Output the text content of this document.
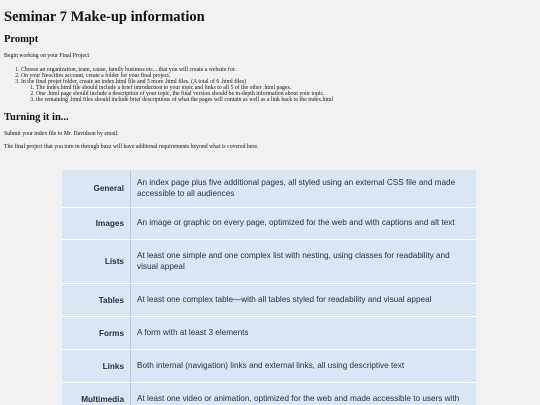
Seminar 7 Make-up information
Prompt

Begin working on your Final Project

1. Choose an organization, team, cause, family business etc... that you will create a website for.
2. On your Neocities account, create a folder for your final project.
3. In the final projet folder, create an index.html file and 5 more .html files. (A total of 6 .html files)
1. The index.html file should include a brief introduction to your topic and links to all 5 of the other .html pages.
2. One .html page should include a description of your topic, the final version should be in-depth information about your topic.
3. the remaining .html files should include brief descriptions of what the pages will contain as well as a link back to the index.html
Turning it in...

Submit your index file to Mr. Davidson by email.

The final project that you turn in through buzz will have additonal requirements beyond what is covered here.

General	An index page plus five additional pages, all styled using an external CSS file and made accessible to all audiences
Images	An image or graphic on every page, optimized for the web and with captions and alt text
Lists	At least one simple and one complex list with nesting, using classes for readability and visual appeal
Tables	At least one complex table—with all tables styled for readability and visual appeal
Forms	A form with at least 3 elements
Links	Both internal (navigation) links and external links, all using descriptive text
Multimedia	At least one video or animation, optimized for the web and made accessible to users with
